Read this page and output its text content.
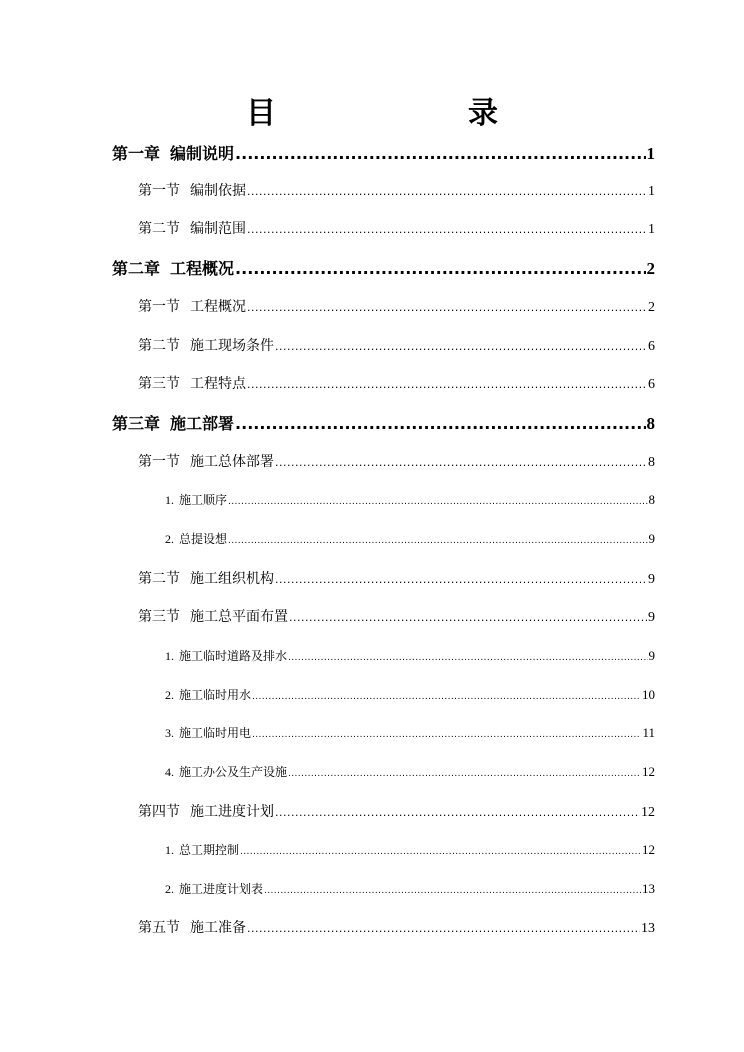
目　　录
第一章 编制说明 .....	1
第一节 编制依据 .....	1
第二节 编制范围 .....	1
第二章 工程概况 .....	2
第一节 工程概况 .....	2
第二节 施工现场条件 .....	6
第三节 工程特点 .....	6
第三章 施工部署 .....	8
第一节 施工总体部署 .....	8
1. 施工顺序 .....	8
2. 总提设想 .....	9
第二节 施工组织机构 .....	9
第三节 施工总平面布置 .....	9
1. 施工临时道路及排水 .....	9
2. 施工临时用水 .....	10
3. 施工临时用电 .....	11
4. 施工办公及生产设施 .....	12
第四节 施工进度计划 .....	12
1. 总工期控制 .....	12
2. 施工进度计划表 .....	13
第五节 施工准备 .....	13
